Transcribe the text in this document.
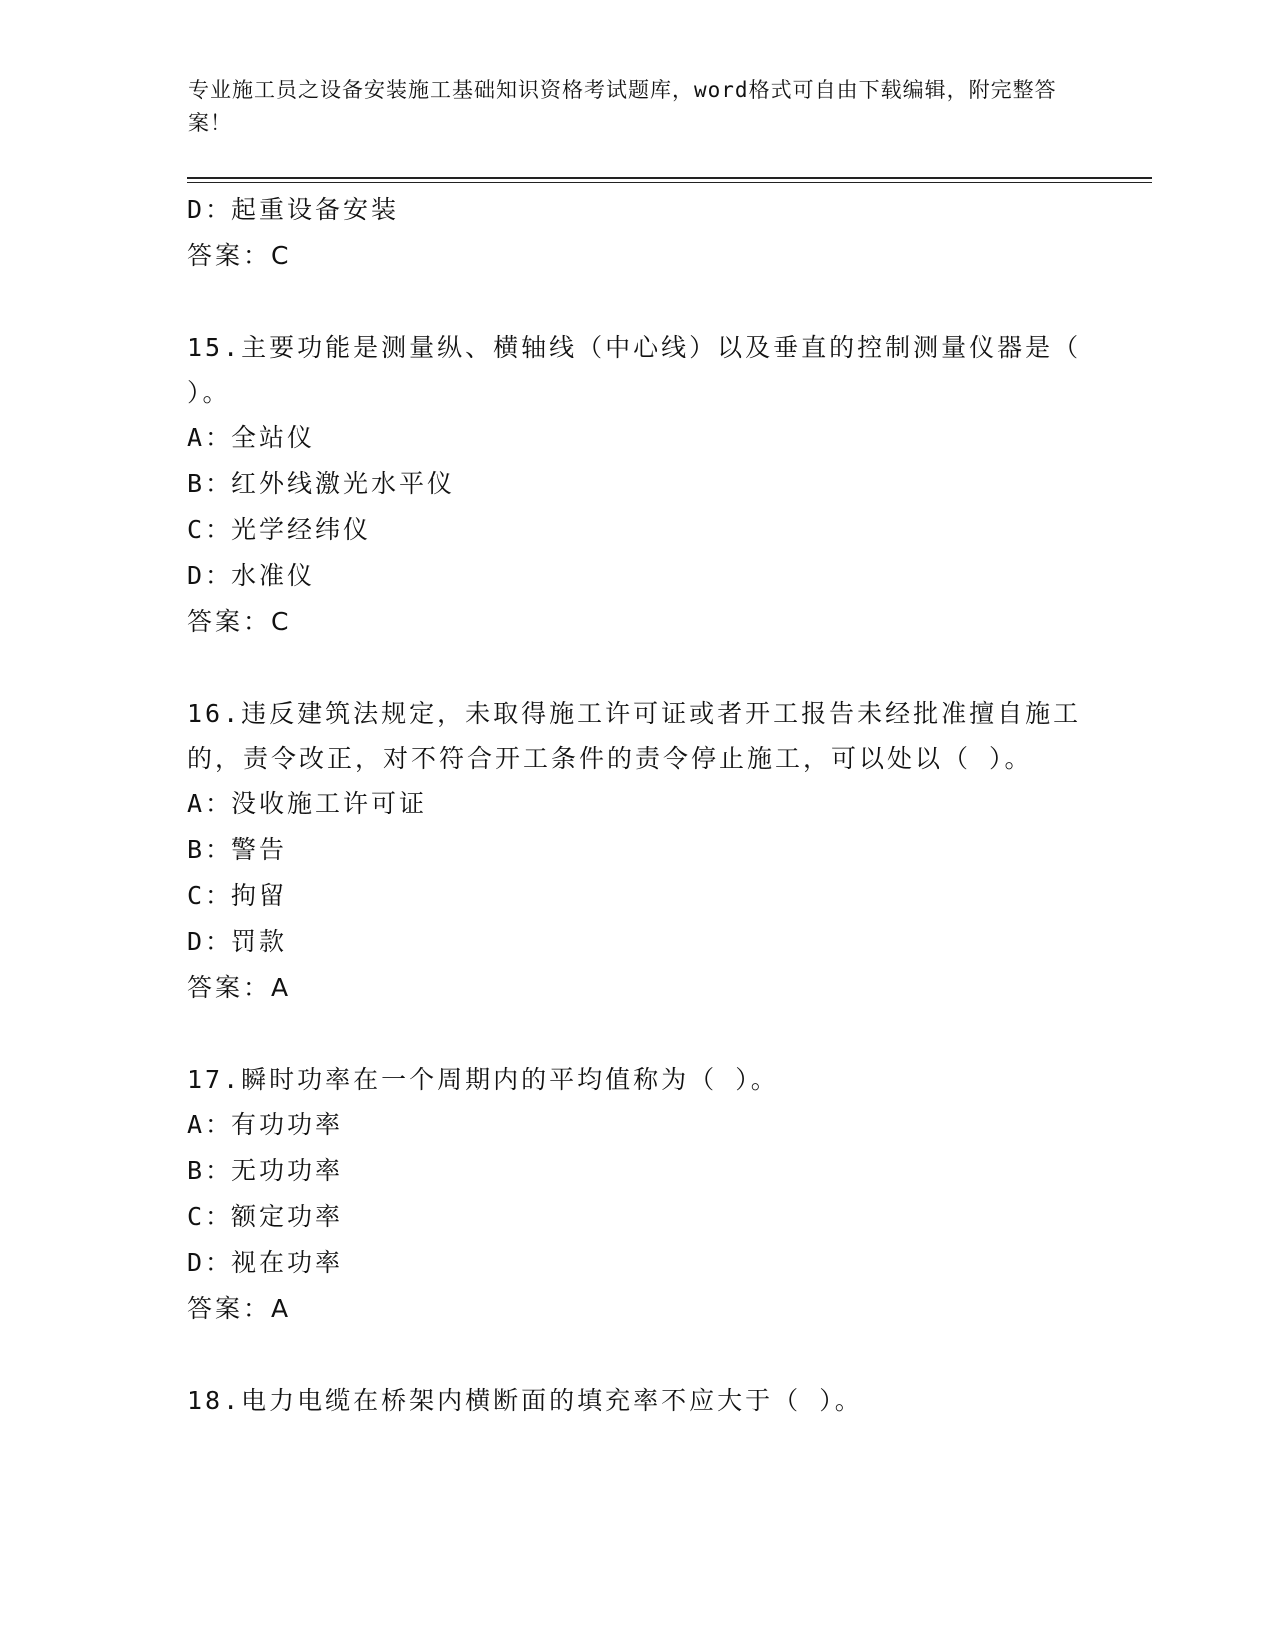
专业施工员之设备安装施工基础知识资格考试题库，word格式可自由下载编辑，附完整答案！
D：起重设备安装
答案：C
15.主要功能是测量纵、横轴线（中心线）以及垂直的控制测量仪器是（ ）。
A：全站仪
B：红外线激光水平仪
C：光学经纬仪
D：水准仪
答案：C
16.违反建筑法规定，未取得施工许可证或者开工报告未经批准擅自施工的，责令改正，对不符合开工条件的责令停止施工，可以处以（ ）。
A：没收施工许可证
B：警告
C：拘留
D：罚款
答案：A
17.瞬时功率在一个周期内的平均值称为（ ）。
A：有功功率
B：无功功率
C：额定功率
D：视在功率
答案：A
18.电力电缆在桥架内横断面的填充率不应大于（ ）。
